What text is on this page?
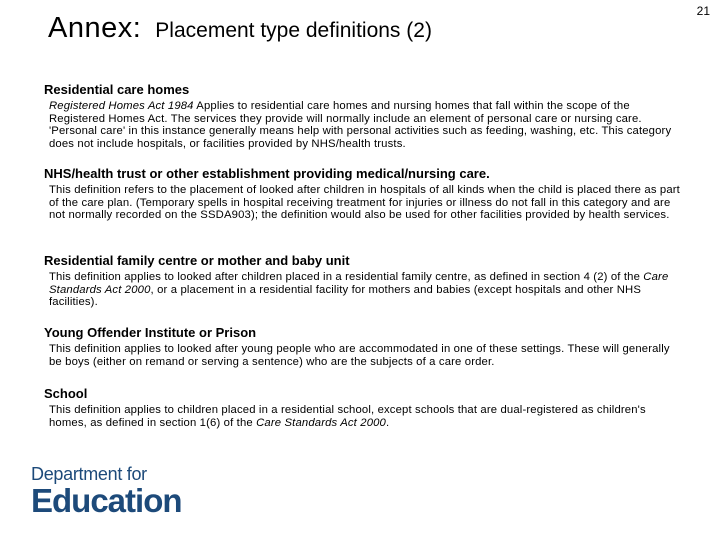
21
Annex: Placement type definitions (2)
Residential care homes

Registered Homes Act 1984 Applies to residential care homes and nursing homes that fall within the scope of the Registered Homes Act. The services they provide will normally include an element of personal care or nursing care. 'Personal care' in this instance generally means help with personal activities such as feeding, washing, etc. This category does not include hospitals, or facilities provided by NHS/health trusts.

NHS/health trust or other establishment providing medical/nursing care.

This definition refers to the placement of looked after children in hospitals of all kinds when the child is placed there as part of the care plan. (Temporary spells in hospital receiving treatment for injuries or illness do not fall in this category and are not normally recorded on the SSDA903); the definition would also be used for other facilities provided by health services.

Residential family centre or mother and baby unit

This definition applies to looked after children placed in a residential family centre, as defined in section 4 (2) of the Care Standards Act 2000, or a placement in a residential facility for mothers and babies (except hospitals and other NHS facilities).

Young Offender Institute or Prison

This definition applies to looked after young people who are accommodated in one of these settings. These will generally be boys (either on remand or serving a sentence) who are the subjects of a care order.

School

This definition applies to children placed in a residential school, except schools that are dual-registered as children's homes, as defined in section 1(6) of the Care Standards Act 2000.

Department for
Education
